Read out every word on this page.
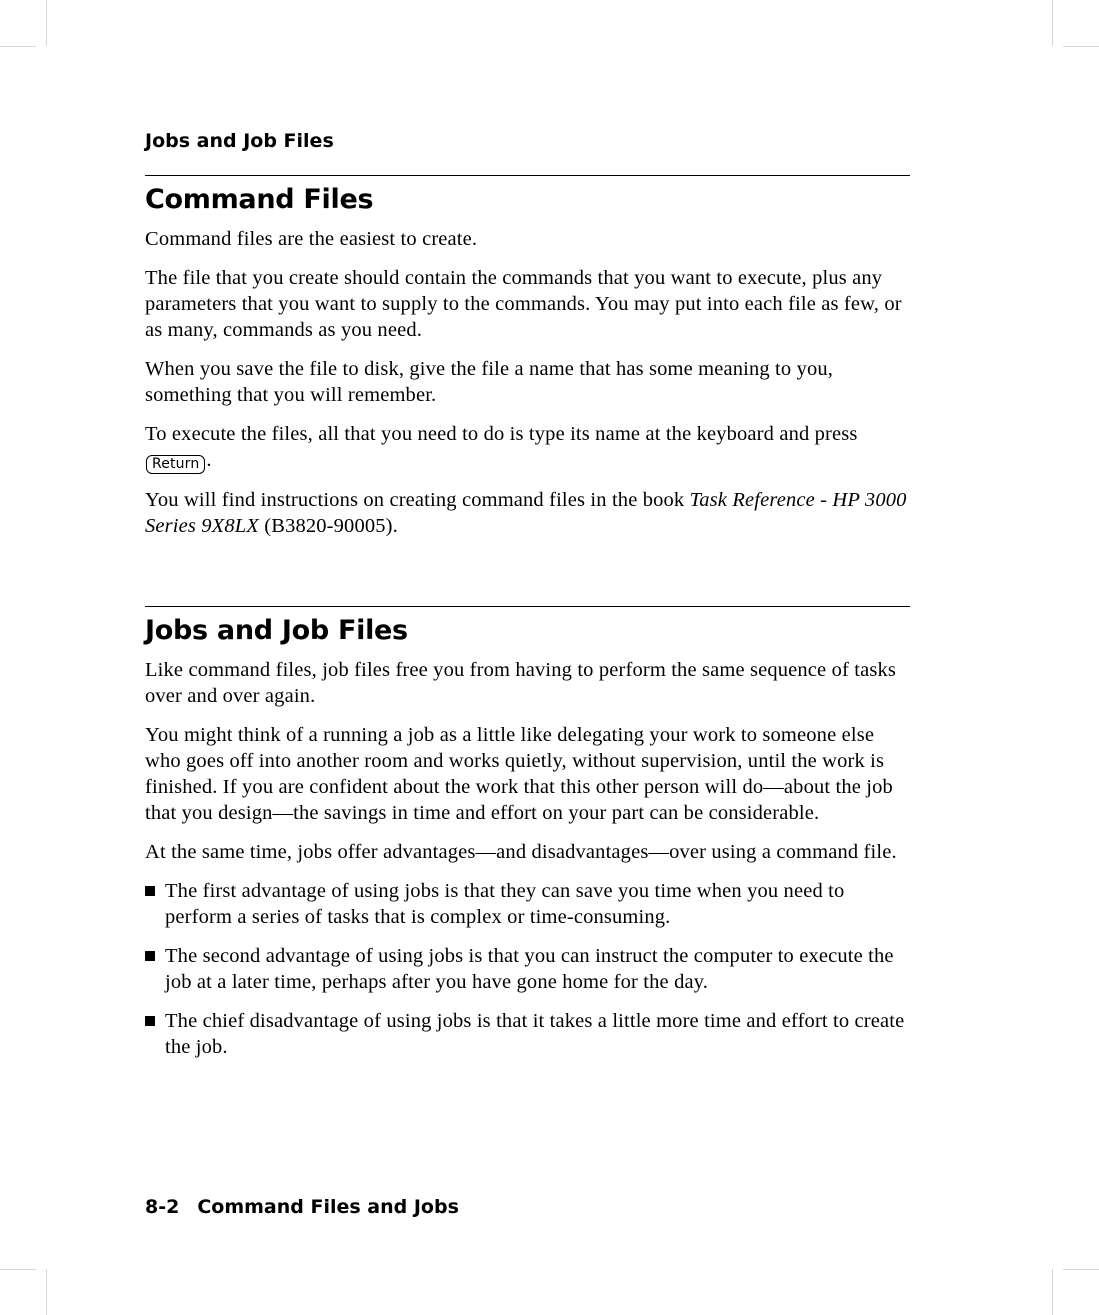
Jobs and Job Files
Command Files

Command files are the easiest to create.

The file that you create should contain the commands that you want to execute, plus any parameters that you want to supply to the commands. You may put into each file as few, or as many, commands as you need.

When you save the file to disk, give the file a name that has some meaning to you, something that you will remember.

To execute the files, all that you need to do is type its name at the keyboard and press Return .

You will find instructions on creating command files in the book Task Reference - HP 3000 Series 9X8LX (B3820-90005).

Jobs and Job Files

Like command files, job files free you from having to perform the same sequence of tasks over and over again.

You might think of a running a job as a little like delegating your work to someone else who goes off into another room and works quietly, without supervision, until the work is finished. If you are confident about the work that this other person will do—about the job that you design—the savings in time and effort on your part can be considerable.

At the same time, jobs offer advantages—and disadvantages—over using a command file.

The first advantage of using jobs is that they can save you time when you need to perform a series of tasks that is complex or time-consuming.

The second advantage of using jobs is that you can instruct the computer to execute the job at a later time, perhaps after you have gone home for the day.

The chief disadvantage of using jobs is that it takes a little more time and effort to create the job.

8-2 Command Files and Jobs
